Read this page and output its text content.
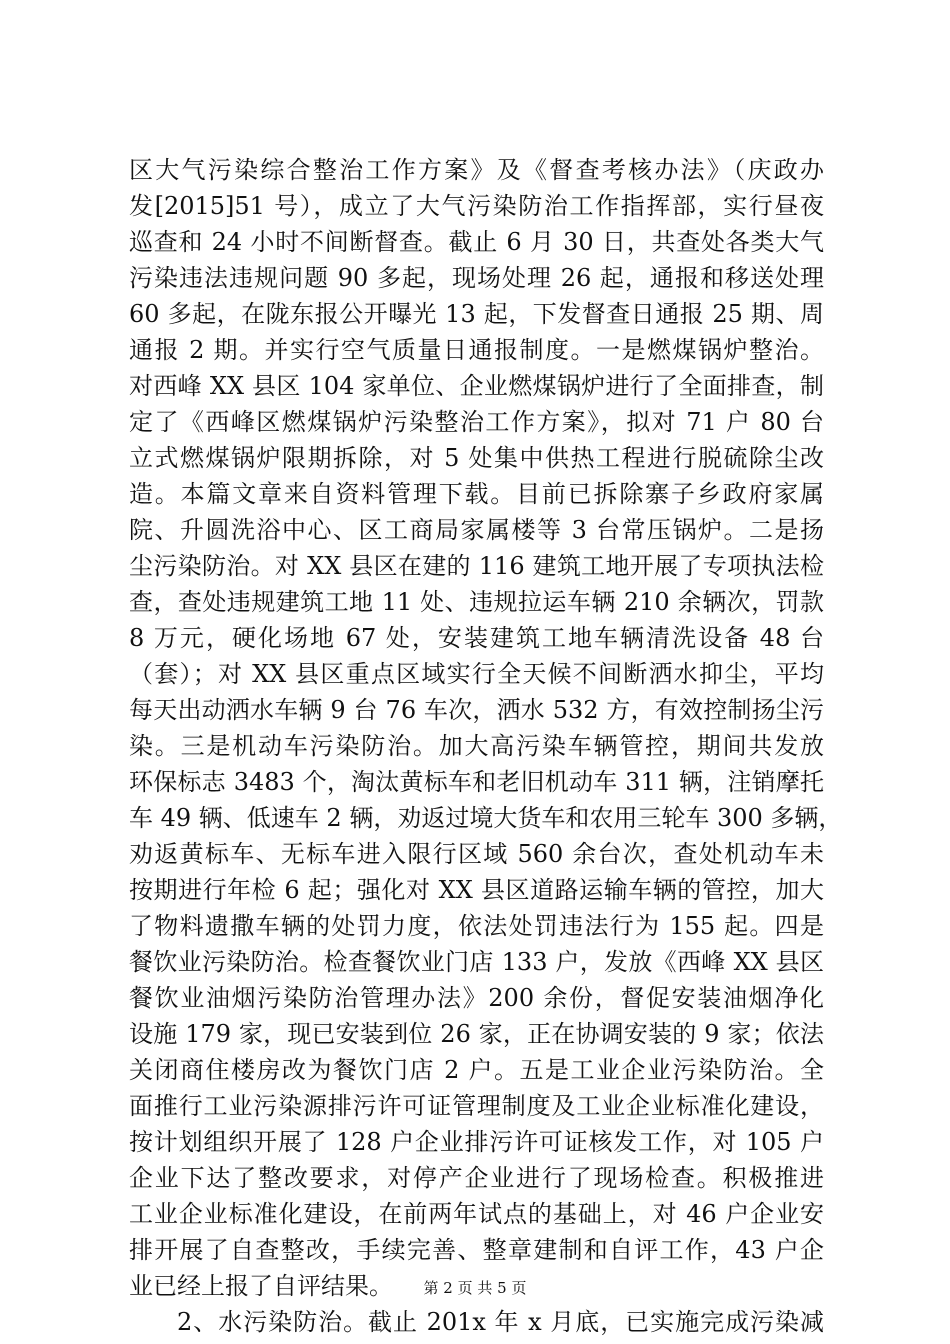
区大气污染综合整治工作方案》及《督查考核办法》（庆政办
发[2015]51 号），成立了大气污染防治工作指挥部，实行昼夜
巡查和 24 小时不间断督查。截止 6 月 30 日，共查处各类大气
污染违法违规问题 90 多起，现场处理 26 起，通报和移送处理
60 多起，在陇东报公开曝光 13 起，下发督查日通报 25 期、周
通报 2 期。并实行空气质量日通报制度。一是燃煤锅炉整治。
对西峰 XX 县区 104 家单位、企业燃煤锅炉进行了全面排查，制
定了《西峰区燃煤锅炉污染整治工作方案》，拟对 71 户 80 台
立式燃煤锅炉限期拆除，对 5 处集中供热工程进行脱硫除尘改
造。本篇文章来自资料管理下载。目前已拆除寨子乡政府家属
院、升圆洗浴中心、区工商局家属楼等 3 台常压锅炉。二是扬
尘污染防治。对 XX 县区在建的 116 建筑工地开展了专项执法检
查，查处违规建筑工地 11 处、违规拉运车辆 210 余辆次，罚款
8 万元，硬化场地 67 处，安装建筑工地车辆清洗设备 48 台
（套）；对 XX 县区重点区域实行全天候不间断洒水抑尘，平均
每天出动洒水车辆 9 台 76 车次，洒水 532 方，有效控制扬尘污
染。三是机动车污染防治。加大高污染车辆管控，期间共发放
环保标志 3483 个，淘汰黄标车和老旧机动车 311 辆，注销摩托
车 49 辆、低速车 2 辆，劝返过境大货车和农用三轮车 300 多辆，
劝返黄标车、无标车进入限行区域 560 余台次，查处机动车未
按期进行年检 6 起；强化对 XX 县区道路运输车辆的管控，加大
了物料遗撒车辆的处罚力度，依法处罚违法行为 155 起。四是
餐饮业污染防治。检查餐饮业门店 133 户，发放《西峰 XX 县区
餐饮业油烟污染防治管理办法》200 余份，督促安装油烟净化
设施 179 家，现已安装到位 26 家，正在协调安装的 9 家；依法
关闭商住楼房改为餐饮门店 2 户。五是工业企业污染防治。全
面推行工业污染源排污许可证管理制度及工业企业标准化建设，
按计划组织开展了 128 户企业排污许可证核发工作，对 105 户
企业下达了整改要求，对停产企业进行了现场检查。积极推进
工业企业标准化建设，在前两年试点的基础上，对 46 户企业安
排开展了自查整改，手续完善、整章建制和自评工作，43 户企
业已经上报了自评结果。
2、水污染防治。截止 201x 年 x 月底，已实施完成污染减
第 2 页 共 5 页
